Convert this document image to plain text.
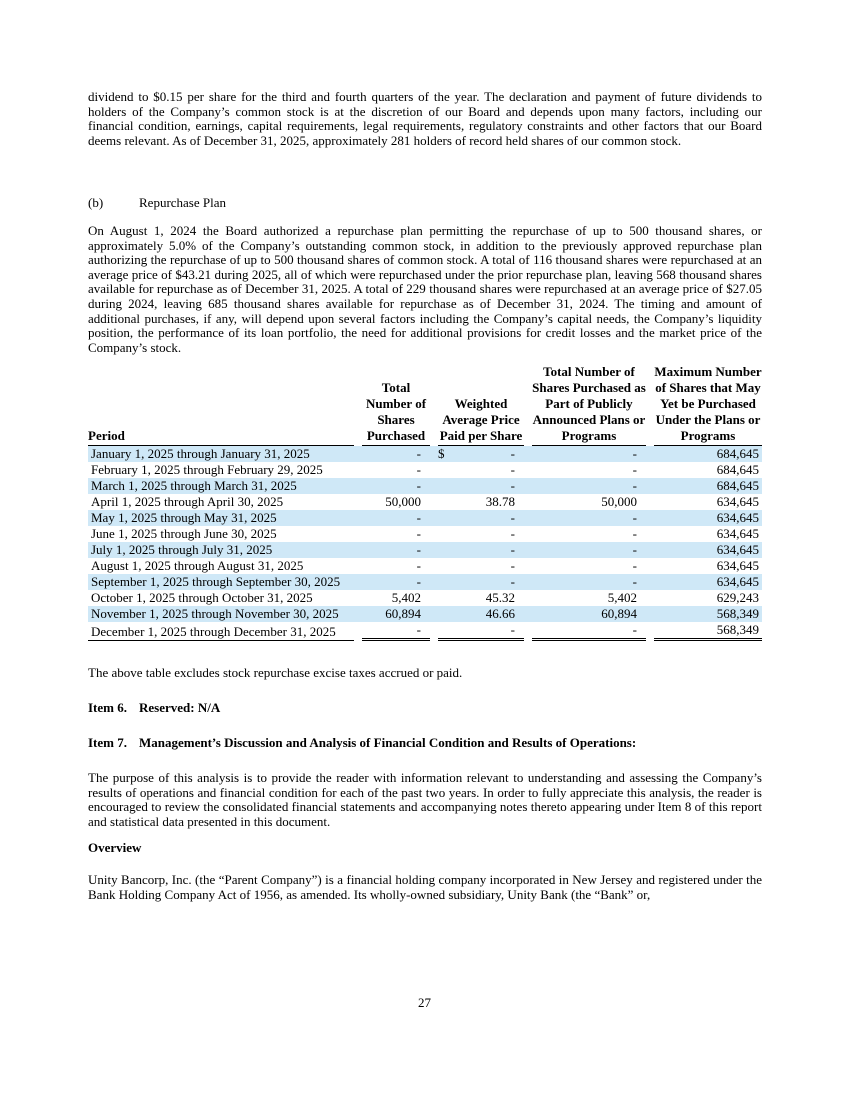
dividend to $0.15 per share for the third and fourth quarters of the year. The declaration and payment of future dividends to holders of the Company’s common stock is at the discretion of our Board and depends upon many factors, including our financial condition, earnings, capital requirements, legal requirements, regulatory constraints and other factors that our Board deems relevant. As of December 31, 2025, approximately 281 holders of record held shares of our common stock.

(b)	Repurchase Plan

On August 1, 2024 the Board authorized a repurchase plan permitting the repurchase of up to 500 thousand shares, or approximately 5.0% of the Company’s outstanding common stock, in addition to the previously approved repurchase plan authorizing the repurchase of up to 500 thousand shares of common stock. A total of 116 thousand shares were repurchased at an average price of $43.21 during 2025, all of which were repurchased under the prior repurchase plan, leaving 568 thousand shares available for repurchase as of December 31, 2025. A total of 229 thousand shares were repurchased at an average price of $27.05 during 2024, leaving 685 thousand shares available for repurchase as of December 31, 2024. The timing and amount of additional purchases, if any, will depend upon several factors including the Company’s capital needs, the Company’s liquidity position, the performance of its loan portfolio, the need for additional provisions for credit losses and the market price of the Company’s stock.

Period	Total Number of Shares Purchased	Weighted Average Price Paid per Share	Total Number of Shares Purchased as Part of Publicly Announced Plans or Programs	Maximum Number of Shares that May Yet be Purchased Under the Plans or Programs

January 1, 2025 through January 31, 2025	-	$ -	-	684,645

February 1, 2025 through February 29, 2025	-	-	-	684,645

March 1, 2025 through March 31, 2025	-	-	-	684,645

April 1, 2025 through April 30, 2025	50,000	38.78	50,000	634,645

May 1, 2025 through May 31, 2025	-	-	-	634,645

June 1, 2025 through June 30, 2025	-	-	-	634,645

July 1, 2025 through July 31, 2025	-	-	-	634,645

August 1, 2025 through August 31, 2025	-	-	-	634,645

September 1, 2025 through September 30, 2025	-	-	-	634,645

October 1, 2025 through October 31, 2025	5,402	45.32	5,402	629,243

November 1, 2025 through November 30, 2025	60,894	46.66	60,894	568,349

December 1, 2025 through December 31, 2025	-	-	-	568,349

The above table excludes stock repurchase excise taxes accrued or paid.

Item 6. Reserved: N/A

Item 7. Management’s Discussion and Analysis of Financial Condition and Results of Operations:

The purpose of this analysis is to provide the reader with information relevant to understanding and assessing the Company’s results of operations and financial condition for each of the past two years. In order to fully appreciate this analysis, the reader is encouraged to review the consolidated financial statements and accompanying notes thereto appearing under Item 8 of this report and statistical data presented in this document.

Overview

Unity Bancorp, Inc. (the “Parent Company”) is a financial holding company incorporated in New Jersey and registered under the Bank Holding Company Act of 1956, as amended. Its wholly-owned subsidiary, Unity Bank (the “Bank” or,

27
